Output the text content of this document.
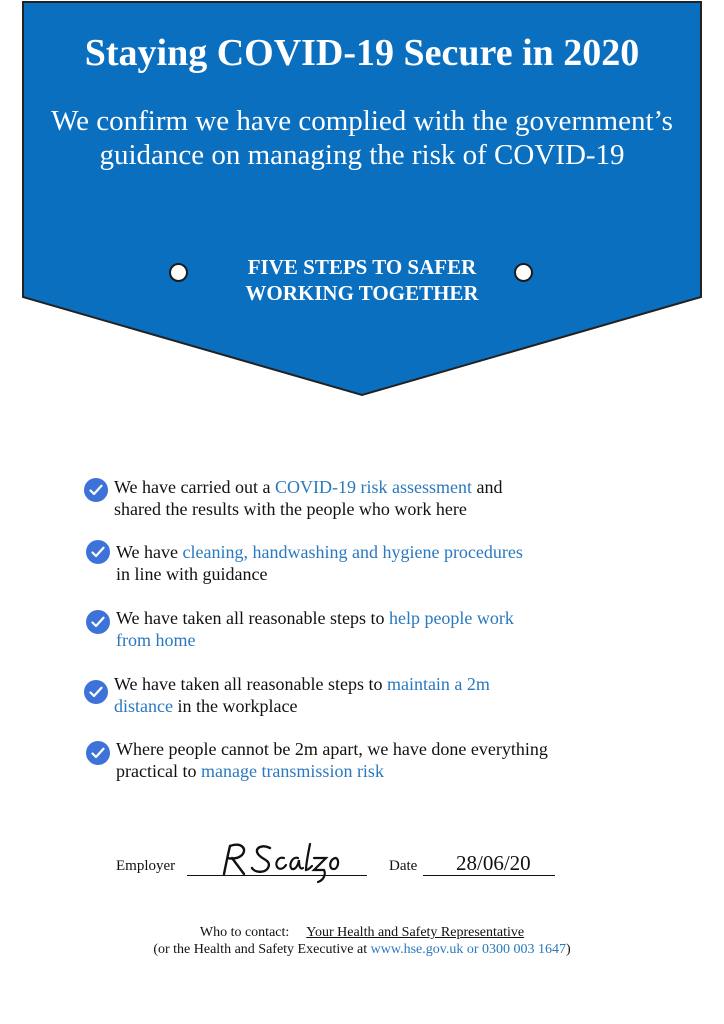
Staying COVID-19 Secure in 2020
We confirm we have complied with the government’s
guidance on managing the risk of COVID-19
FIVE STEPS TO SAFER
WORKING TOGETHER
We have carried out a COVID-19 risk assessment and
shared the results with the people who work here
We have cleaning, handwashing and hygiene procedures
in line with guidance
We have taken all reasonable steps to help people work
from home
We have taken all reasonable steps to maintain a 2m
distance in the workplace
Where people cannot be 2m apart, we have done everything
practical to manage transmission risk
Employer	Date 28/06/20
Who to contact: Your Health and Safety Representative
(or the Health and Safety Executive at www.hse.gov.uk or 0300 003 1647)
